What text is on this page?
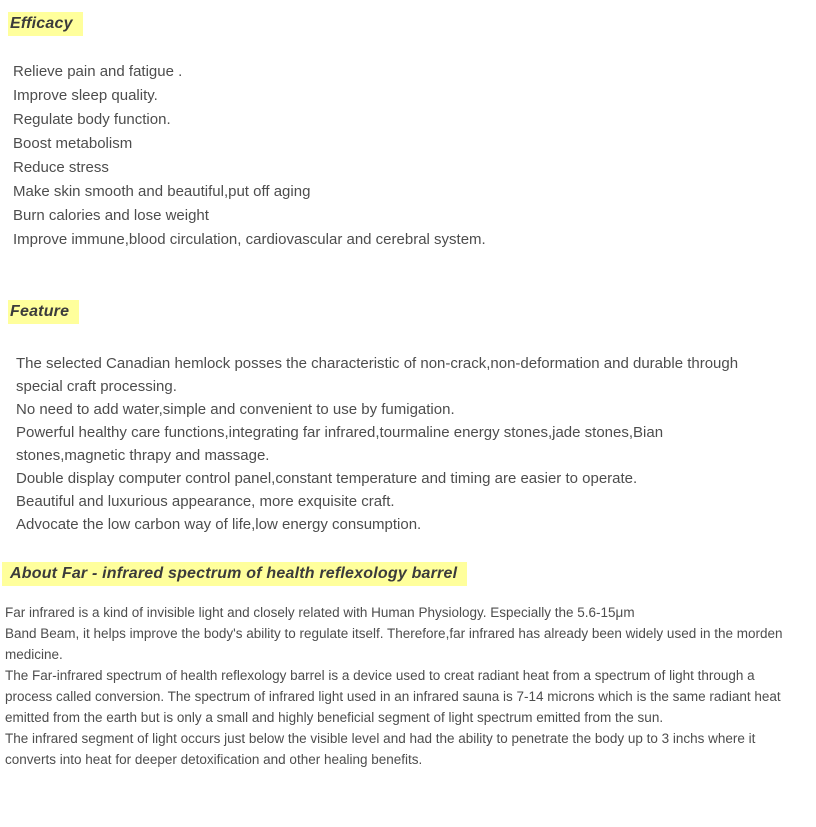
Efficacy
Relieve pain and fatigue .
Improve sleep quality.
Regulate body function.
Boost metabolism
Reduce stress
Make skin smooth and beautiful,put off aging
Burn calories and lose weight
Improve immune,blood circulation, cardiovascular and cerebral system.
Feature
The selected Canadian hemlock posses the characteristic of non-crack,non-deformation and durable through special craft processing.
No need to add water,simple and convenient to use by fumigation.
Powerful healthy care functions,integrating far infrared,tourmaline energy stones,jade stones,Bian stones,magnetic thrapy and massage.
Double display computer control panel,constant temperature and timing are easier to operate.
Beautiful and luxurious appearance, more exquisite craft.
Advocate the low carbon way of life,low energy consumption.
About Far - infrared spectrum of health reflexology barrel

Far infrared is a kind of invisible light and closely related with Human Physiology. Especially the 5.6-15μm

Band Beam, it helps improve the body's ability to regulate itself. Therefore,far infrared has already been widely used in the morden medicine.

The Far-infrared spectrum of health reflexology barrel is a device used to creat radiant heat from a spectrum of light through a process called conversion. The spectrum of infrared light used in an infrared sauna is 7-14 microns which is the same radiant heat emitted from the earth but is only a small and highly beneficial segment of light spectrum emitted from the sun.

The infrared segment of light occurs just below the visible level and had the ability to penetrate the body up to 3 inchs where it converts into heat for deeper detoxification and other healing benefits.
